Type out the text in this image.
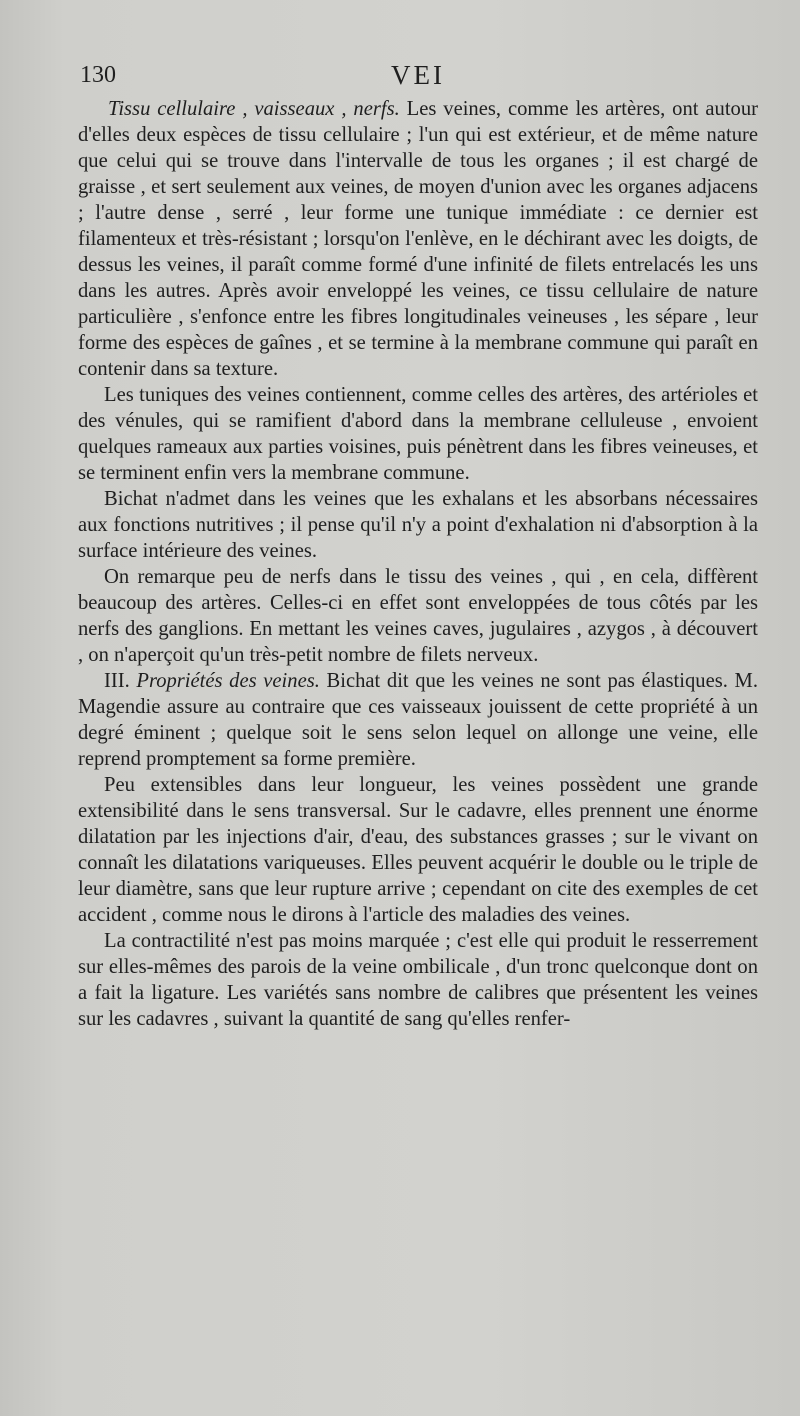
130	VEI

Tissu cellulaire , vaisseaux , nerfs. Les veines, comme les artères, ont autour d'elles deux espèces de tissu cellulaire ; l'un qui est extérieur, et de même nature que celui qui se trouve dans l'intervalle de tous les organes ; il est chargé de graisse , et sert seulement aux veines, de moyen d'union avec les organes adjacens ; l'autre dense , serré , leur forme une tunique immédiate : ce dernier est filamenteux et très-résistant ; lorsqu'on l'enlève, en le déchirant avec les doigts, de dessus les veines, il paraît comme formé d'une infinité de filets entrelacés les uns dans les autres. Après avoir enveloppé les veines, ce tissu cellulaire de nature particulière , s'enfonce entre les fibres longitudinales veineuses , les sépare , leur forme des espèces de gaînes , et se termine à la membrane commune qui paraît en contenir dans sa texture.

Les tuniques des veines contiennent, comme celles des artères, des artérioles et des vénules, qui se ramifient d'abord dans la membrane celluleuse , envoient quelques rameaux aux parties voisines, puis pénètrent dans les fibres veineuses, et se terminent enfin vers la membrane commune.

Bichat n'admet dans les veines que les exhalans et les absorbans nécessaires aux fonctions nutritives ; il pense qu'il n'y a point d'exhalation ni d'absorption à la surface intérieure des veines.

On remarque peu de nerfs dans le tissu des veines , qui , en cela, diffèrent beaucoup des artères. Celles-ci en effet sont enveloppées de tous côtés par les nerfs des ganglions. En mettant les veines caves, jugulaires , azygos , à découvert , on n'aperçoit qu'un très-petit nombre de filets nerveux.

III. Propriétés des veines. Bichat dit que les veines ne sont pas élastiques. M. Magendie assure au contraire que ces vaisseaux jouissent de cette propriété à un degré éminent ; quelque soit le sens selon lequel on allonge une veine, elle reprend promptement sa forme première.

Peu extensibles dans leur longueur, les veines possèdent une grande extensibilité dans le sens transversal. Sur le cadavre, elles prennent une énorme dilatation par les injections d'air, d'eau, des substances grasses ; sur le vivant on connaît les dilatations variqueuses. Elles peuvent acquérir le double ou le triple de leur diamètre, sans que leur rupture arrive ; cependant on cite des exemples de cet accident , comme nous le dirons à l'article des maladies des veines.

La contractilité n'est pas moins marquée ; c'est elle qui produit le resserrement sur elles-mêmes des parois de la veine ombilicale , d'un tronc quelconque dont on a fait la ligature. Les variétés sans nombre de calibres que présentent les veines sur les cadavres , suivant la quantité de sang qu'elles renfer-
